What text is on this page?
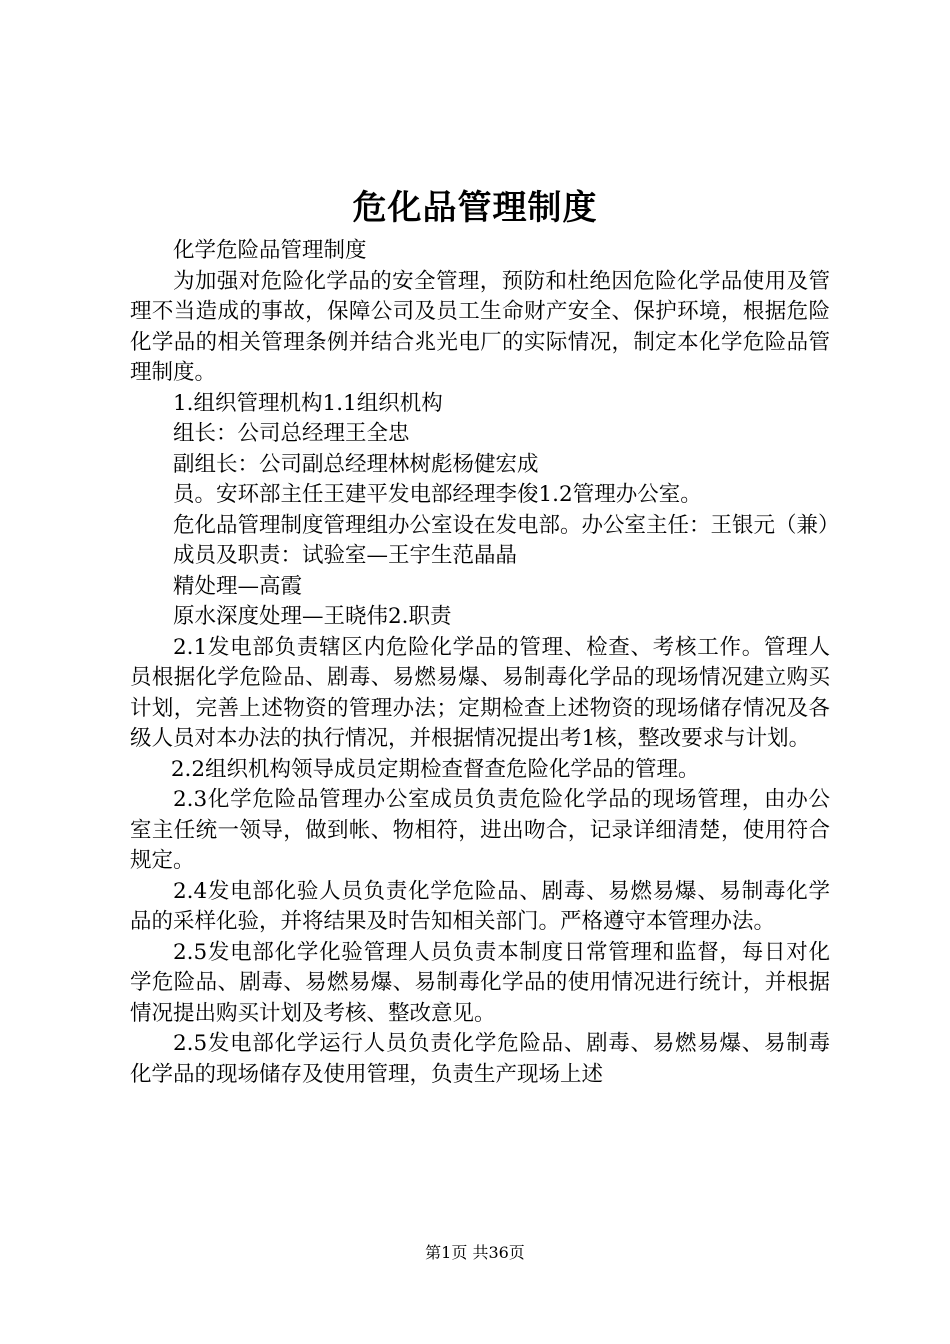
危化品管理制度

化学危险品管理制度

为加强对危险化学品的安全管理，预防和杜绝因危险化学品使用及管理不当造成的事故，保障公司及员工生命财产安全、保护环境，根据危险化学品的相关管理条例并结合兆光电厂的实际情况，制定本化学危险品管理制度。

1.组织管理机构1.1组织机构

组长：公司总经理王全忠

副组长：公司副总经理林树彪杨健宏成

员。安环部主任王建平发电部经理李俊1.2管理办公室。

危化品管理制度管理组办公室设在发电部。办公室主任：王银元（兼）

成员及职责：试验室—王宇生范晶晶

精处理—高霞

原水深度处理—王晓伟2.职责

2.1发电部负责辖区内危险化学品的管理、检查、考核工作。管理人员根据化学危险品、剧毒、易燃易爆、易制毒化学品的现场情况建立购买计划，完善上述物资的管理办法；定期检查上述物资的现场储存情况及各级人员对本办法的执行情况，并根据情况提出考1核，整改要求与计划。

2.2组织机构领导成员定期检查督查危险化学品的管理。

2.3化学危险品管理办公室成员负责危险化学品的现场管理，由办公室主任统一领导，做到帐、物相符，进出吻合，记录详细清楚，使用符合规定。

2.4发电部化验人员负责化学危险品、剧毒、易燃易爆、易制毒化学品的采样化验，并将结果及时告知相关部门。严格遵守本管理办法。

2.5发电部化学化验管理人员负责本制度日常管理和监督，每日对化学危险品、剧毒、易燃易爆、易制毒化学品的使用情况进行统计，并根据情况提出购买计划及考核、整改意见。

2.5发电部化学运行人员负责化学危险品、剧毒、易燃易爆、易制毒化学品的现场储存及使用管理，负责生产现场上述

第1页 共36页
